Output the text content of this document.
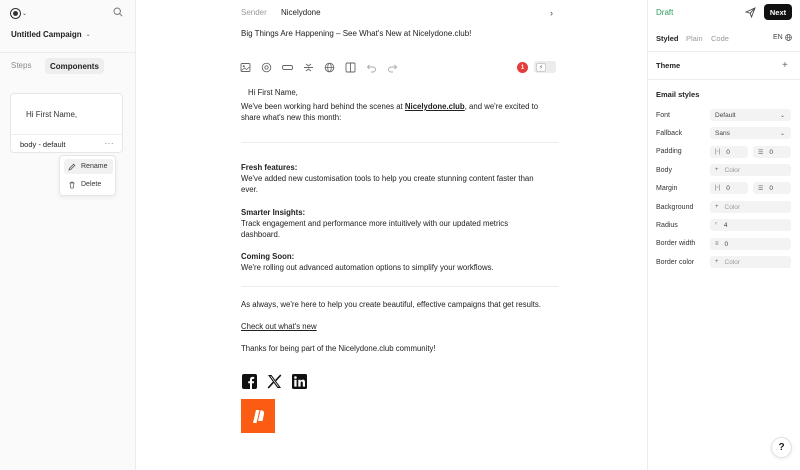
⌄
Untitled Campaign ⌄
Steps	Components
Hi First Name,
body - default	···
Rename
Delete
Sender Nicelydone	›
Big Things Are Happening – See What's New at Nicelydone.club!
1	⚡
Hi First Name,
We've been working hard behind the scenes at Nicelydone.club, and we're excited to
share what's new this month:
Fresh features:
We've added new customisation tools to help you create stunning content faster than
ever.
Smarter Insights:
Track engagement and performance more intuitively with our updated metrics
dashboard.
Coming Soon:
We're rolling out advanced automation options to simplify your workflows.
As always, we're here to help you create beautiful, effective campaigns that get results.
Check out what's new
Thanks for being part of the Nicelydone.club community!
Draft	Next
Styled Plain Code	EN
Theme	+
Email styles
Font	Default	⌄
Fallback	Sans	⌄
Padding	|◦| 0	☰ 0
Body	+ Color
Margin	|◦| 0	☰ 0
Background	+ Color
Radius	⌜ 4
Border width	≡ 0
Border color	+ Color
?
